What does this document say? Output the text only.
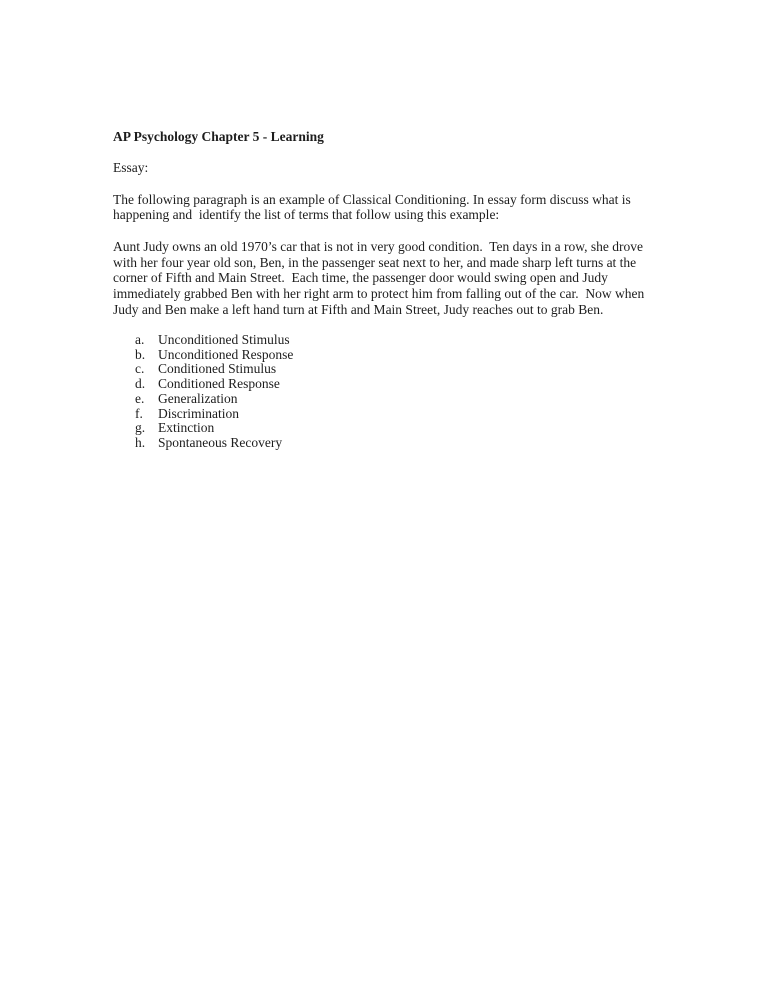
AP Psychology Chapter 5 - Learning

Essay:

The following paragraph is an example of Classical Conditioning. In essay form discuss what is happening and  identify the list of terms that follow using this example:

Aunt Judy owns an old 1970’s car that is not in very good condition.  Ten days in a row, she drove with her four year old son, Ben, in the passenger seat next to her, and made sharp left turns at the corner of Fifth and Main Street.  Each time, the passenger door would swing open and Judy immediately grabbed Ben with her right arm to protect him from falling out of the car.  Now when Judy and Ben make a left hand turn at Fifth and Main Street, Judy reaches out to grab Ben.

a. Unconditioned Stimulus
b. Unconditioned Response
c. Conditioned Stimulus
d. Conditioned Response
e. Generalization
f. Discrimination
g. Extinction
h. Spontaneous Recovery
